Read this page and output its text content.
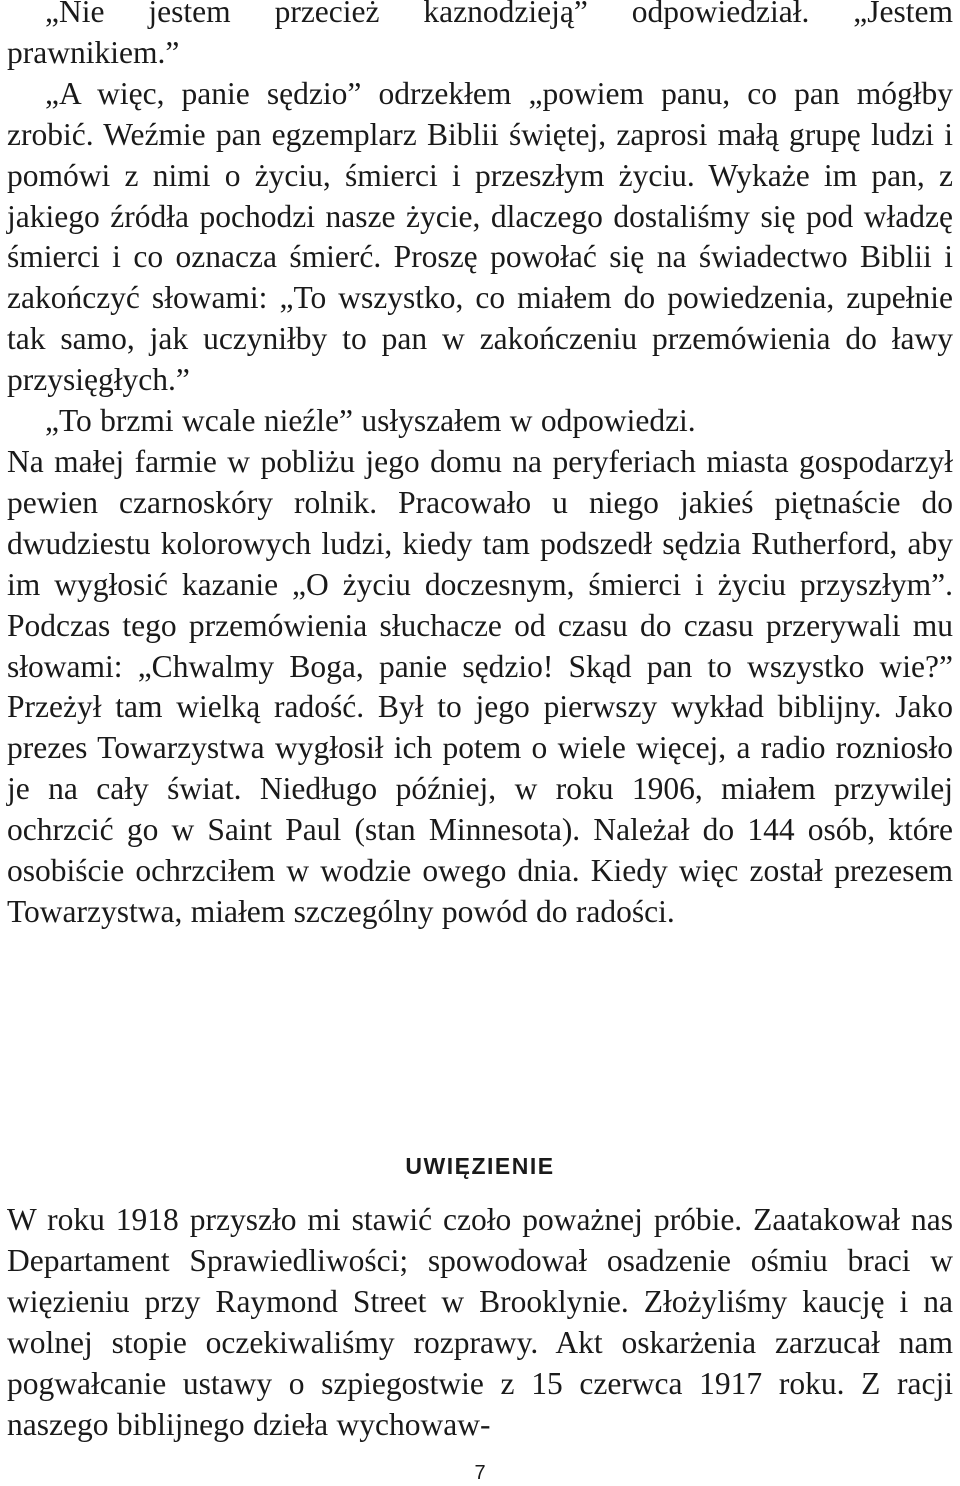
„Nie jestem przecież kaznodzieją” odpowiedział. „Jestem prawnikiem.”

„A więc, panie sędzio” odrzekłem „powiem panu, co pan mógłby zrobić. Weźmie pan egzemplarz Biblii świętej, zaprosi małą grupę ludzi i pomówi z nimi o życiu, śmierci i przeszłym życiu. Wykaże im pan, z jakiego źródła pochodzi nasze życie, dlaczego dostaliśmy się pod władzę śmierci i co oznacza śmierć. Proszę powołać się na świadectwo Biblii i zakończyć słowami: „To wszystko, co miałem do powiedzenia, zupełnie tak samo, jak uczyniłby to pan w zakończeniu przemówienia do ławy przysięgłych.”

„To brzmi wcale nieźle” usłyszałem w odpowiedzi.

Na małej farmie w pobliżu jego domu na peryferiach miasta gospodarzył pewien czarnoskóry rolnik. Pracowało u niego jakieś piętnaście do dwudziestu kolorowych ludzi, kiedy tam podszedł sędzia Rutherford, aby im wygłosić kazanie „O życiu doczesnym, śmierci i życiu przyszłym”. Podczas tego przemówienia słuchacze od czasu do czasu przerywali mu słowami: „Chwalmy Boga, panie sędzio! Skąd pan to wszystko wie?” Przeżył tam wielką radość. Był to jego pierwszy wykład biblijny. Jako prezes Towarzystwa wygłosił ich potem o wiele więcej, a radio rozniosło je na cały świat. Niedługo później, w roku 1906, miałem przywilej ochrzcić go w Saint Paul (stan Minnesota). Należał do 144 osób, które osobiście ochrzciłem w wodzie owego dnia. Kiedy więc został prezesem Towarzystwa, miałem szczególny powód do radości.

UWIĘZIENIE

W roku 1918 przyszło mi stawić czoło poważnej próbie. Zaatakował nas Departament Sprawiedliwości; spowodował osadzenie ośmiu braci w więzieniu przy Raymond Street w Brooklynie. Złożyliśmy kaucję i na wolnej stopie oczekiwaliśmy rozprawy. Akt oskarżenia zarzucał nam pogwałcanie ustawy o szpiegostwie z 15 czerwca 1917 roku. Z racji naszego biblijnego dzieła wychowaw-

7
